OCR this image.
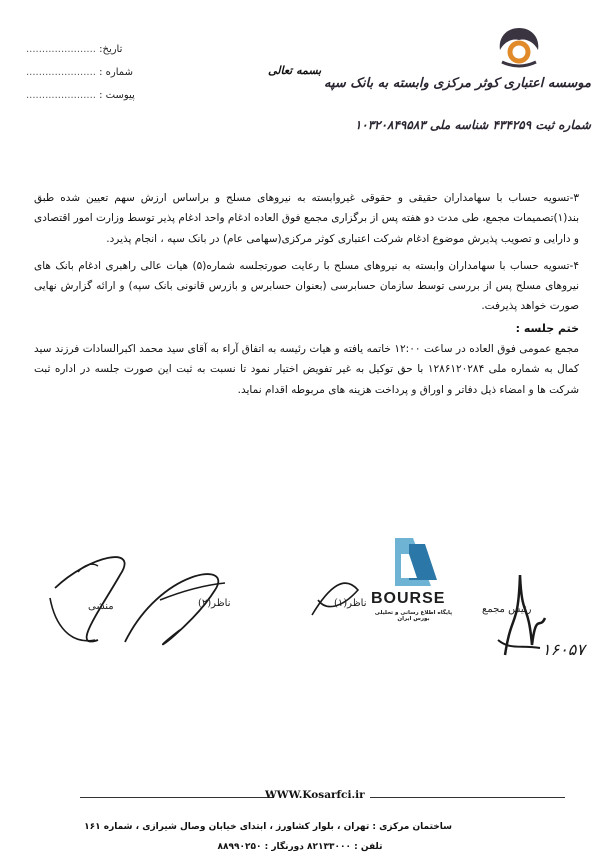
موسسه اعتباری کوثر مرکزی وابسته به بانک سپه
شماره ثبت ۴۳۴۲۵۹ شناسه ملی ۱۰۳۲۰۸۴۹۵۸۳
بسمه تعالی
...................... تاریخ:
...................... شماره :
...................... پیوست :

۳-تسویه حساب با سهامداران حقیقی و حقوقی غیروابسته به نیروهای مسلح و براساس ارزش سهم تعیین شده طبق بند(۱)تصمیمات مجمع، طی مدت دو هفته پس از برگزاری مجمع فوق العاده ادغام واحد ادغام پذیر توسط وزارت امور اقتصادی و دارایی و تصویب پذیرش موضوع ادغام شرکت اعتباری کوثر مرکزی(سهامی عام) در بانک سپه ، انجام پذیرد.

۴-تسویه حساب با سهامداران وابسته به نیروهای مسلح با رعایت صورتجلسه شماره(۵) هیات عالی راهبری ادغام بانک های نیروهای مسلح پس از بررسی توسط سازمان حسابرسی (بعنوان حسابرس و بازرس قانونی بانک سپه) و ارائه گزارش نهایی صورت خواهد پذیرفت.

ختم جلسه :

مجمع عمومی فوق العاده در ساعت ۱۲:۰۰ خاتمه یافته و هیات رئیسه به اتفاق آراء به آقای سید محمد اکبرالسادات فرزند سید کمال به شماره ملی ۱۲۸۶۱۲۰۲۸۴ با حق توکیل به غیر تفویض اختیار نمود تا نسبت به ثبت این صورت جلسه در اداره ثبت شرکت ها و امضاء ذیل دفاتر و اوراق و پرداخت هزینه های مربوطه اقدام نماید.

BOURSE
پایگاه اطلاع رسانی و تحلیلی بورس ایران
رئیس مجمع
ناظر(۱)
ناظر(۲)
منشی
۱۶۰۵۷
WWW.Kosarfci.ir
ساختمان مرکزی : تهران ، بلوار کشاورز ، ابتدای خیابان وصال شیرازی ، شماره ۱۶۱
تلفن : ۸۲۱۳۳۰۰۰ دورنگار : ۸۸۹۹۰۲۵۰
